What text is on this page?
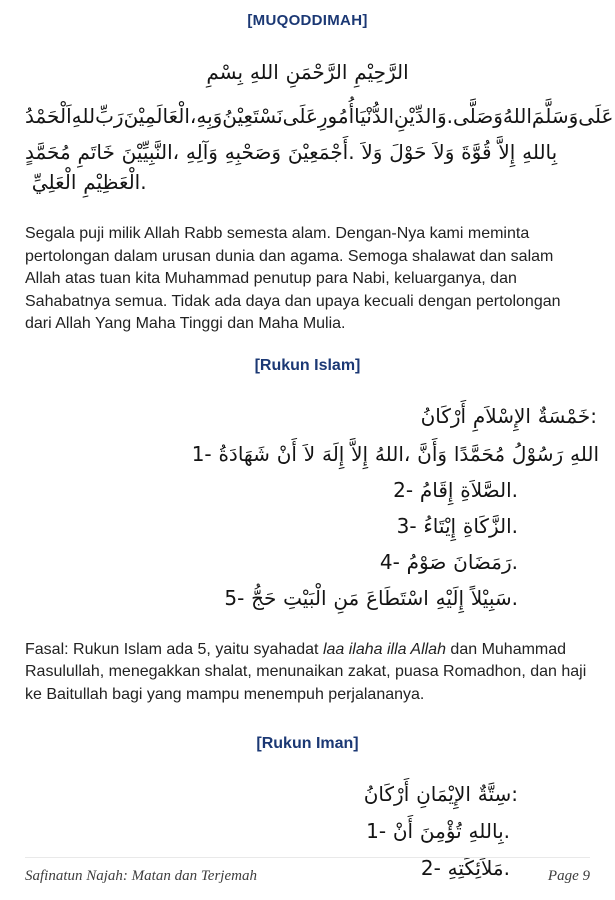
[MUQODDIMAH]
بِسْمِ اللهِ الرَّحْمَنِ الرَّحِيْمِ
اَلْحَمْدُ للهِ رَبِّ الْعَالَمِيْنَ، وَبِهِ نَسْتَعِيْنُ عَلَى أُمُورِ الدُّنْيَا وَالدِّيْنِ. وَصَلَّى اللهُ وَسَلَّمَ عَلَى
مُحَمَّدٍ خَاتَمِ النَّبِيِّيْنَ، وَآلِهِ وَصَحْبِهِ أَجْمَعِيْنَ. وَلاَ حَوْلَ وَلاَ قُوَّةَ إِلاَّ بِاللهِالْعَلِيِّ الْعَظِيْمِ.

Segala puji milik Allah Rabb semesta alam. Dengan-Nya kami meminta pertolongan dalam urusan dunia dan agama. Semoga shalawat dan salam Allah atas tuan kita Muhammad penutup para Nabi, keluarganya, dan Sahabatnya semua. Tidak ada daya dan upaya kecuali dengan pertolongan dari Allah Yang Maha Tinggi dan Maha Mulia.

[Rukun Islam]
أَرْكَانُ الإِسْلاَمِ خَمْسَةٌ:
1- شَهَادَةُ أَنْ لاَ إِلَهَ إِلاَّ اللهُ، وَأَنَّ مُحَمَّدًا رَسُوْلُ اللهِ
2- إِقَامُ الصَّلاَةِ.
3- إِيْتَاءُ الزَّكَاةِ.
4- صَوْمُ رَمَضَانَ.
5- حَجُّ الْبَيْتِ مَنِ اسْتَطَاعَ إِلَيْهِ سَبِيْلاً.

Fasal: Rukun Islam ada 5, yaitu syahadat laa ilaha illa Allah dan Muhammad Rasulullah, menegakkan shalat, menunaikan zakat, puasa Romadhon, dan haji ke Baitullah bagi yang mampu menempuh perjalananya.

[Rukun Iman]
أَرْكَانُ الإِيْمَانِ سِتَّةٌ:
1- أَنْ تُؤْمِنَ بِاللهِ.
2- مَلاَئِكَتِهِ.
Safinatun Najah: Matan dan Terjemah	Page 9
